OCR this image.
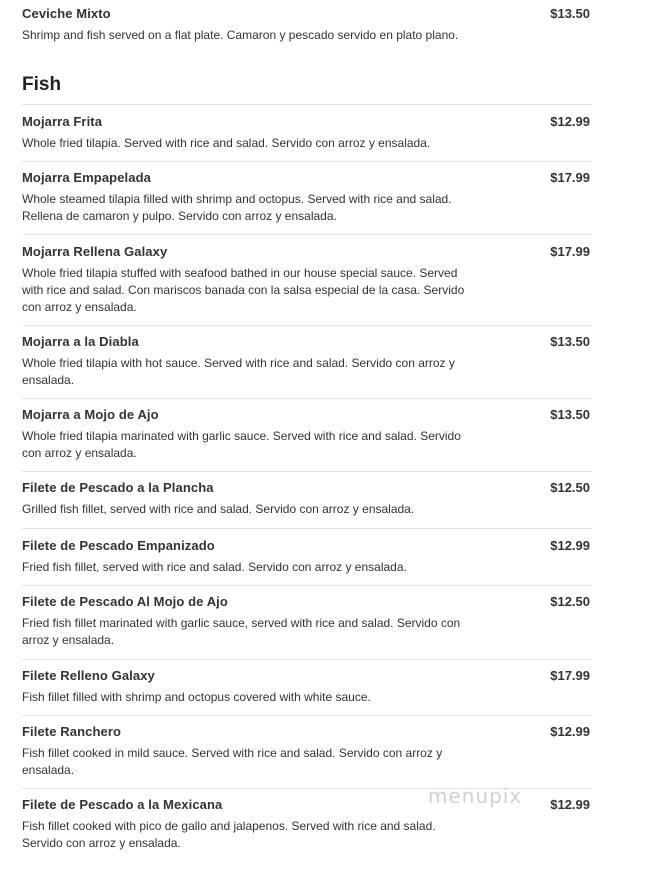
Ceviche Mixto	$13.50
Shrimp and fish served on a flat plate. Camaron y pescado servido en plato plano.
Fish
Mojarra Frita	$12.99
Whole fried tilapia. Served with rice and salad. Servido con arroz y ensalada.
Mojarra Empapelada	$17.99
Whole steamed tilapia filled with shrimp and octopus. Served with rice and salad. Rellena de camaron y pulpo. Servido con arroz y ensalada.
Mojarra Rellena Galaxy	$17.99
Whole fried tilapia stuffed with seafood bathed in our house special sauce. Served with rice and salad. Con mariscos banada con la salsa especial de la casa. Servido con arroz y ensalada.
Mojarra a la Diabla	$13.50
Whole fried tilapia with hot sauce. Served with rice and salad. Servido con arroz y ensalada.
Mojarra a Mojo de Ajo	$13.50
Whole fried tilapia marinated with garlic sauce. Served with rice and salad. Servido con arroz y ensalada.
Filete de Pescado a la Plancha	$12.50
Grilled fish fillet, served with rice and salad. Servido con arroz y ensalada.
Filete de Pescado Empanizado	$12.99
Fried fish fillet, served with rice and salad. Servido con arroz y ensalada.
Filete de Pescado Al Mojo de Ajo	$12.50
Fried fish fillet marinated with garlic sauce, served with rice and salad. Servido con arroz y ensalada.
Filete Relleno Galaxy	$17.99
Fish fillet filled with shrimp and octopus covered with white sauce.
Filete Ranchero	$12.99
Fish fillet cooked in mild sauce. Served with rice and salad. Servido con arroz y ensalada.
Filete de Pescado a la Mexicana	$12.99
Fish fillet cooked with pico de gallo and jalapenos. Served with rice and salad. Servido con arroz y ensalada.
menupix
